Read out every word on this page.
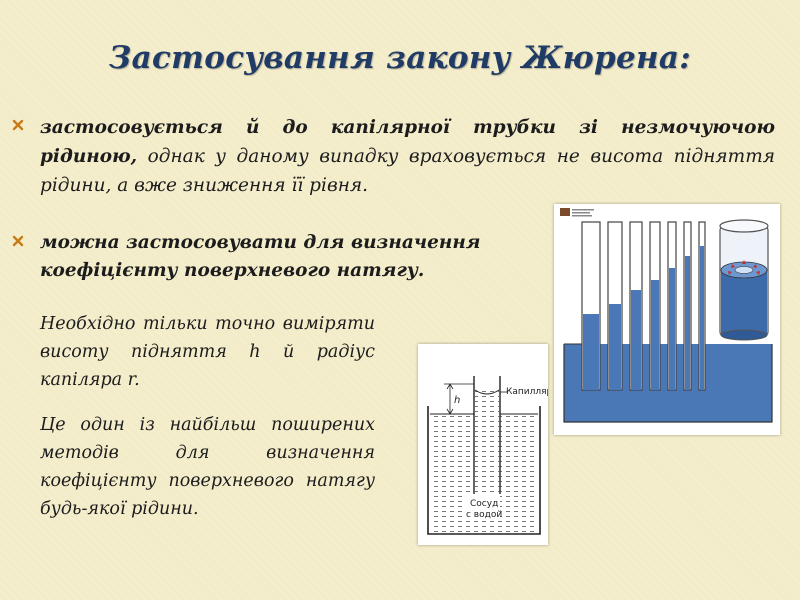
Застосування закону Жюрена:
застосовується й до капілярної трубки зі незмочуючою рідиною, однак у даному випадку враховується не висота підняття рідини, а вже зниження її рівня.
можна застосовувати для визначення коефіцієнту поверхневого натягу.
Необхідно тільки точно виміряти висоту підняття h й радіус капіляра r.
Це один із найбільш поширених методів для визначення коефіцієнту поверхневого натягу будь-якої рідини.
h
Капилляр
Сосуд
с водой
